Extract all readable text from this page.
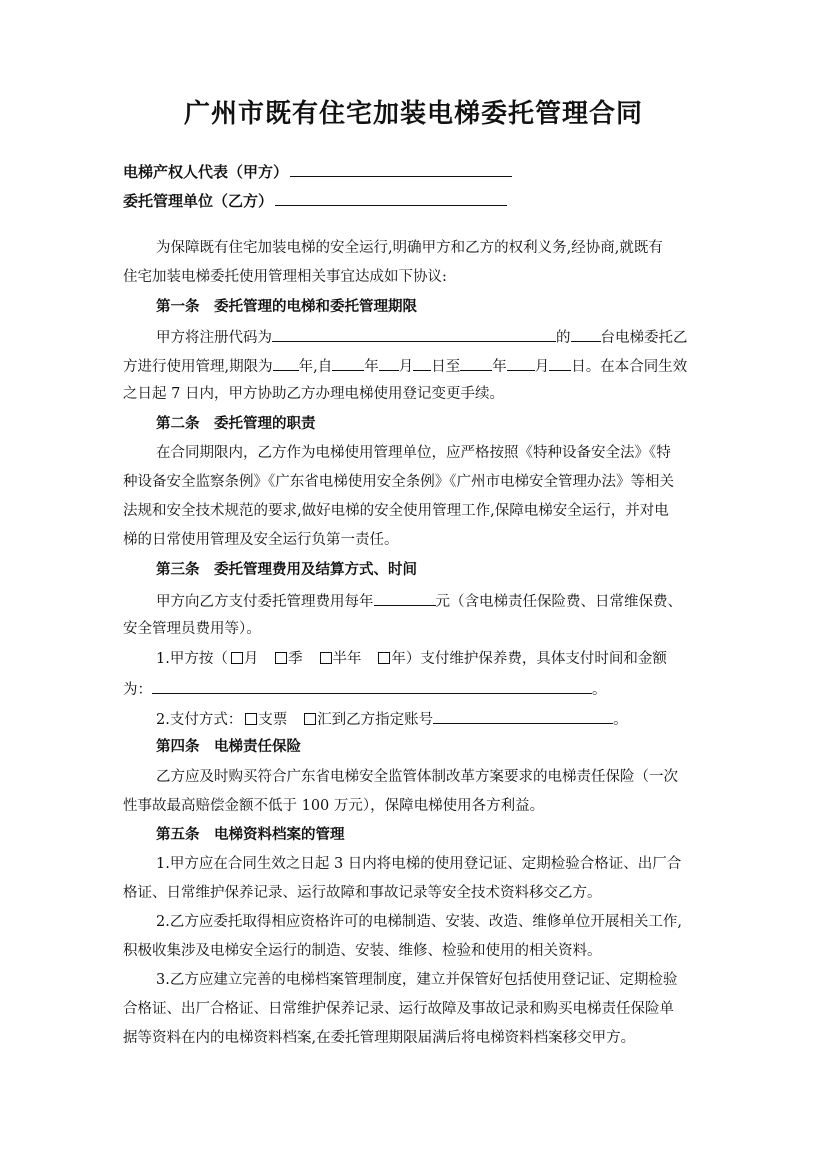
广州市既有住宅加装电梯委托管理合同
电梯产权人代表（甲方）
委托管理单位（乙方）
为保障既有住宅加装电梯的安全运行,明确甲方和乙方的权利义务,经协商,就既有
住宅加装电梯委托使用管理相关事宜达成如下协议:
第一条　委托管理的电梯和委托管理期限
甲方将注册代码为	的 台电梯委托乙
方进行使用管理,期限为 年,自 年 月 日至 年 月 日。在本合同生效
之日起 7 日内，甲方协助乙方办理电梯使用登记变更手续。
第二条　委托管理的职责
在合同期限内，乙方作为电梯使用管理单位，应严格按照《特种设备安全法》《特
种设备安全监察条例》《广东省电梯使用安全条例》《广州市电梯安全管理办法》等相关
法规和安全技术规范的要求,做好电梯的安全使用管理工作,保障电梯安全运行，并对电
梯的日常使用管理及安全运行负第一责任。
第三条　委托管理费用及结算方式、时间
甲方向乙方支付委托管理费用每年	元（含电梯责任保险费、日常维保费、
安全管理员费用等）。
1.甲方按（ 月 季 半年 年）支付维护保养费，具体支付时间和金额
为：	。
2.支付方式： 支票 汇到乙方指定账号	。
第四条　电梯责任保险
乙方应及时购买符合广东省电梯安全监管体制改革方案要求的电梯责任保险（一次
性事故最高赔偿金额不低于 100 万元），保障电梯使用各方利益。
第五条　电梯资料档案的管理
1.甲方应在合同生效之日起 3 日内将电梯的使用登记证、定期检验合格证、出厂合
格证、日常维护保养记录、运行故障和事故记录等安全技术资料移交乙方。
2.乙方应委托取得相应资格许可的电梯制造、安装、改造、维修单位开展相关工作,
积极收集涉及电梯安全运行的制造、安装、维修、检验和使用的相关资料。
3.乙方应建立完善的电梯档案管理制度，建立并保管好包括使用登记证、定期检验
合格证、出厂合格证、日常维护保养记录、运行故障及事故记录和购买电梯责任保险单
据等资料在内的电梯资料档案,在委托管理期限届满后将电梯资料档案移交甲方。
